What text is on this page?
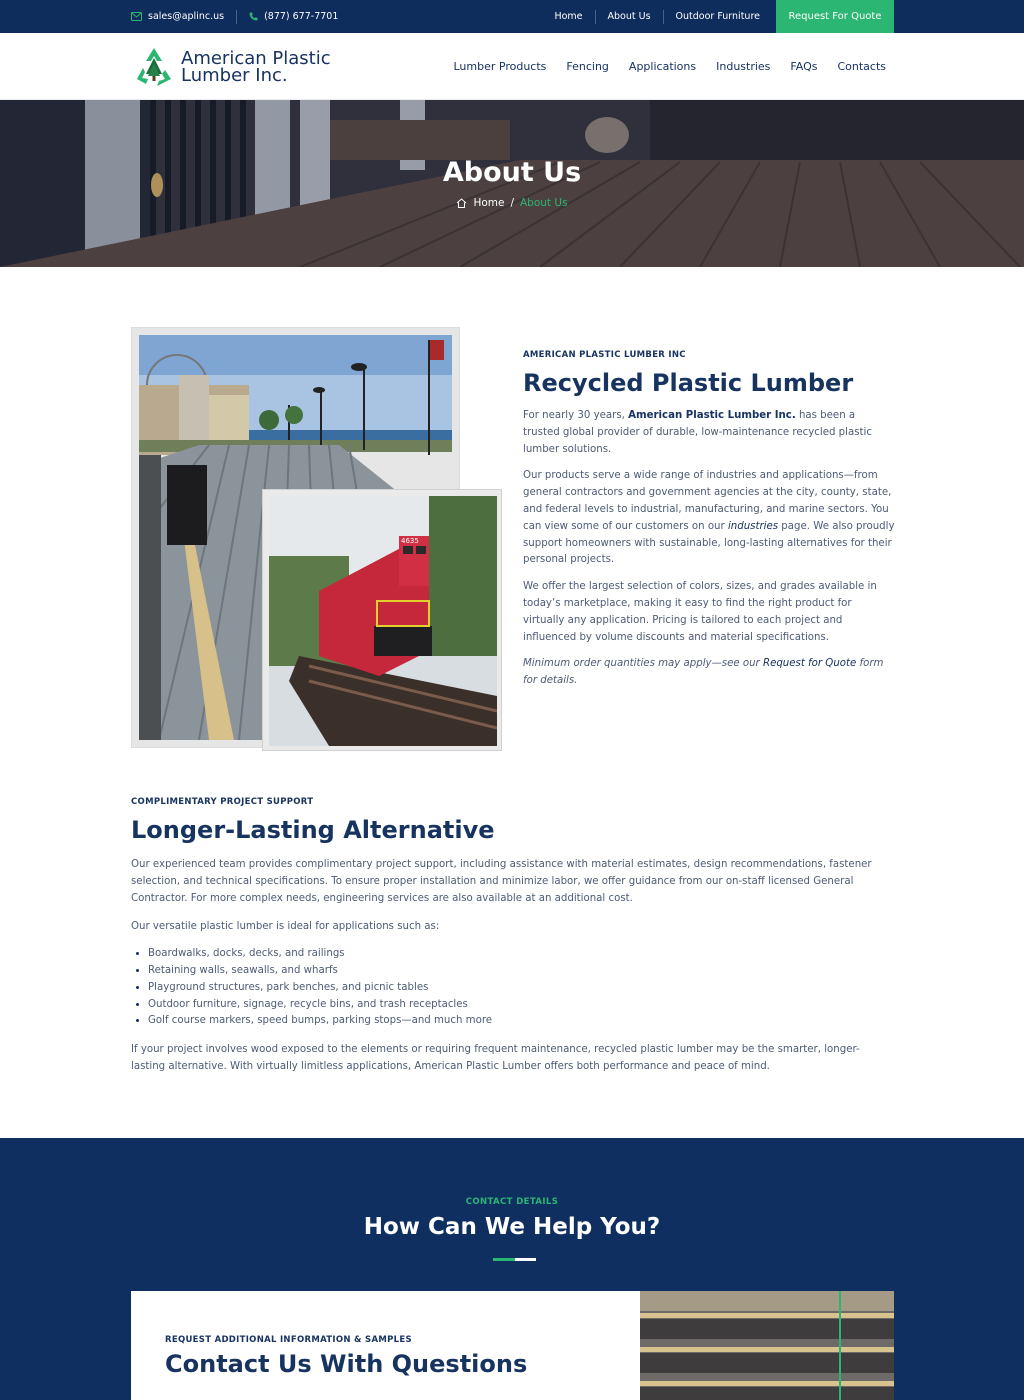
sales@aplinc.us	(877) 677-7701	Home	About Us	Outdoor Furniture	Request For Quote
American Plastic
Lumber Inc.	Lumber Products Fencing Applications Industries FAQs Contacts
About Us
Home / About Us
4635
AMERICAN PLASTIC LUMBER INC
Recycled Plastic Lumber

For nearly 30 years, American Plastic Lumber Inc. has been a trusted global provider of durable, low-maintenance recycled plastic lumber solutions.

Our products serve a wide range of industries and applications—from general contractors and government agencies at the city, county, state, and federal levels to industrial, manufacturing, and marine sectors. You can view some of our customers on our industries page. We also proudly support homeowners with sustainable, long-lasting alternatives for their personal projects.

We offer the largest selection of colors, sizes, and grades available in today’s marketplace, making it easy to find the right product for virtually any application. Pricing is tailored to each project and influenced by volume discounts and material specifications.

Minimum order quantities may apply—see our Request for Quote form for details.

COMPLIMENTARY PROJECT SUPPORT
Longer-Lasting Alternative

Our experienced team provides complimentary project support, including assistance with material estimates, design recommendations, fastener selection, and technical specifications. To ensure proper installation and minimize labor, we offer guidance from our on-staff licensed General Contractor. For more complex needs, engineering services are also available at an additional cost.

Our versatile plastic lumber is ideal for applications such as:

• Boardwalks, docks, decks, and railings
• Retaining walls, seawalls, and wharfs
• Playground structures, park benches, and picnic tables
• Outdoor furniture, signage, recycle bins, and trash receptacles
• Golf course markers, speed bumps, parking stops—and much more

If your project involves wood exposed to the elements or requiring frequent maintenance, recycled plastic lumber may be the smarter, longer-lasting alternative. With virtually limitless applications, American Plastic Lumber offers both performance and peace of mind.

CONTACT DETAILS
How Can We Help You?
REQUEST ADDITIONAL INFORMATION & SAMPLES
Contact Us With Questions
